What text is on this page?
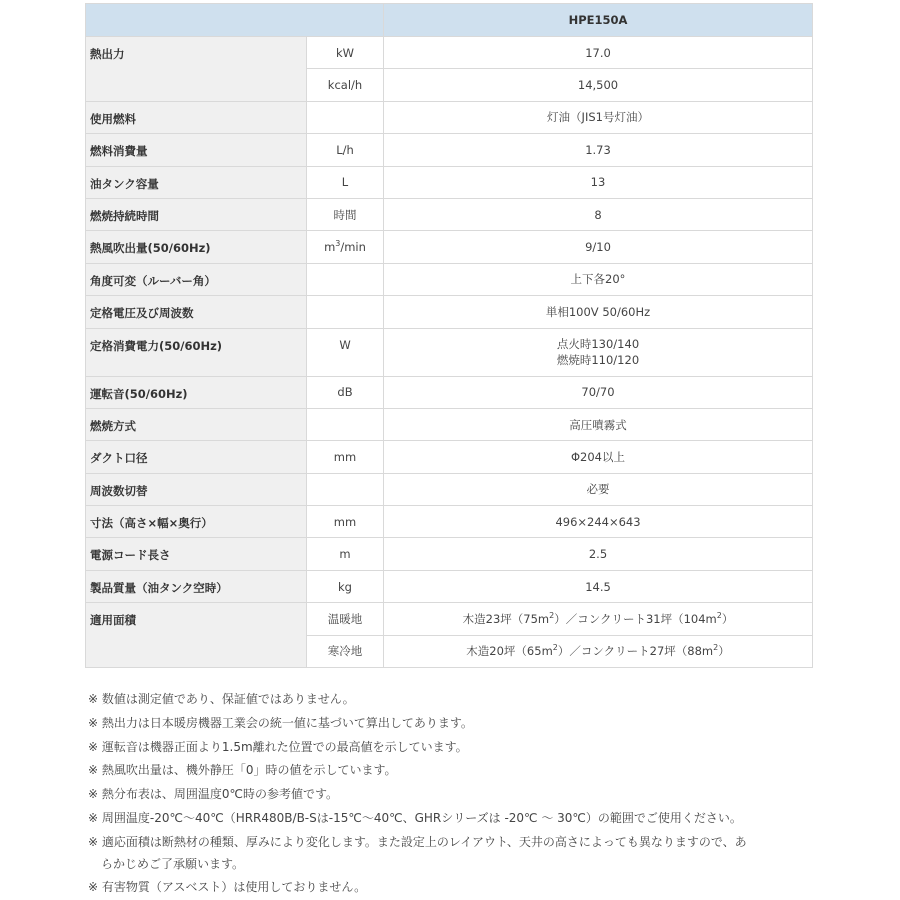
		HPE150A
熱出力	kW	17.0
	kcal/h	14,500
使用燃料		灯油（JIS1号灯油）
燃料消費量	L/h	1.73
油タンク容量	L	13
燃焼持続時間	時間	8
熱風吹出量(50/60Hz)	$m^3/\min$	9/10
角度可変（ルーバー角）		上下各20°
定格電圧及び周波数		単相100V 50/60Hz
定格消費電力(50/60Hz)	W	点火時130/140
燃焼時110/120

運転音(50/60Hz)	dB	70/70
燃焼方式		高圧噴霧式
ダクト口径	mm	Φ204以上
周波数切替		必要
寸法（高さ×幅×奥行）	mm	496×244×643
電源コード長さ	m	2.5
製品質量（油タンク空時）	kg	14.5
適用面積	温暖地	木造23坪$(75m^2)/$コンクリート31坪$(104m^2)$
	寒冷地	木造20坪$(65m^2)/$コンクリート27坪$(88m^2)$
※ 数値は測定値であり、保証値ではありません。
※ 熱出力は日本暖房機器工業会の統一値に基づいて算出してあります。
※ 運転音は機器正面より1.5m離れた位置での最高値を示しています。
※ 熱風吹出量は、機外静圧「0」時の値を示しています。
※ 熱分布表は、周囲温度0℃時の参考値です。
※ 周囲温度-20℃〜40℃（HRR480B/B-Sは-15℃〜40℃、GHRシリーズは -20℃ 〜 30℃）の範囲でご使用ください。
※ 適応面積は断熱材の種類、厚みにより変化します。また設定上のレイアウト、天井の高さによっても異なりますので、あ
らかじめご了承願います。
※ 有害物質（アスベスト）は使用しておりません。
